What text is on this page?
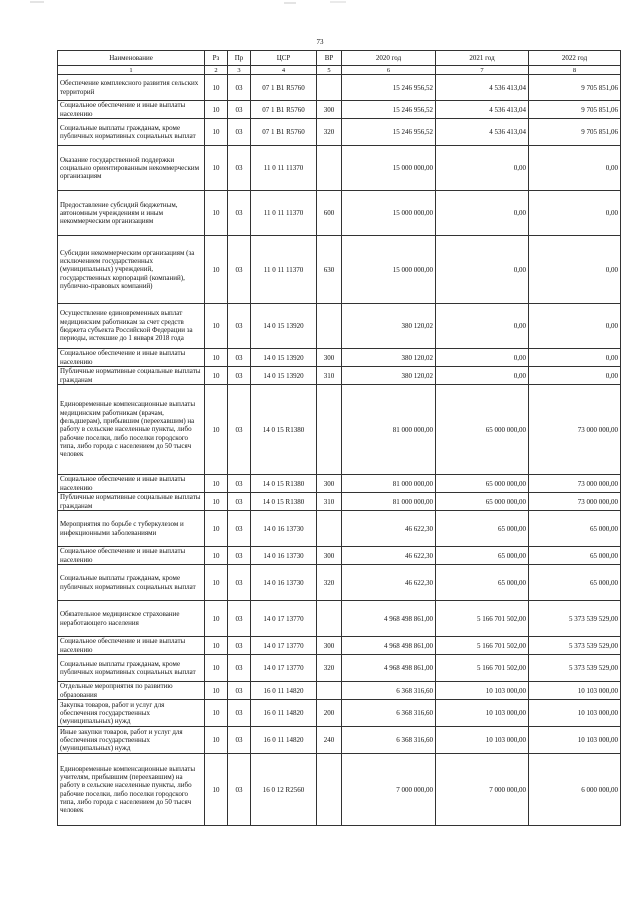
73
Наименование	Рз	Пр	ЦСР	ВР	2020 год	2021 год	2022 год
1	2	3	4	5	6	7	8
Обеспечение комплексного развития сельских территорий	10	03	07 1 В1 R5760		15 246 956,52	4 536 413,04	9 705 851,06
Социальное обеспечение и иные выплаты населению	10	03	07 1 В1 R5760	300	15 246 956,52	4 536 413,04	9 705 851,06
Социальные выплаты гражданам, кроме публичных нормативных социальных выплат	10	03	07 1 В1 R5760	320	15 246 956,52	4 536 413,04	9 705 851,06
Оказание государственной поддержки социально ориентированным некоммерческим организациям	10	03	11 0 11 11370		15 000 000,00	0,00	0,00
Предоставление субсидий бюджетным, автономным учреждениям и иным некоммерческим организациям	10	03	11 0 11 11370	600	15 000 000,00	0,00	0,00
Субсидии некоммерческим организациям (за исключением государственных (муниципальных) учреждений, государственных корпораций (компаний), публично-правовых компаний)	10	03	11 0 11 11370	630	15 000 000,00	0,00	0,00
Осуществление единовременных выплат медицинским работникам за счет средств бюджета субъекта Российской Федерации за периоды, истекшие до 1 января 2018 года	10	03	14 0 15 13920		380 120,02	0,00	0,00
Социальное обеспечение и иные выплаты населению	10	03	14 0 15 13920	300	380 120,02	0,00	0,00
Публичные нормативные социальные выплаты гражданам	10	03	14 0 15 13920	310	380 120,02	0,00	0,00
Единовременные компенсационные выплаты медицинским работникам (врачам, фельдшерам), прибывшим (переехавшим) на работу в сельские населенные пункты, либо рабочие поселки, либо поселки городского типа, либо города с населением до 50 тысяч человек	10	03	14 0 15 R1380		81 000 000,00	65 000 000,00	73 000 000,00
Социальное обеспечение и иные выплаты населению	10	03	14 0 15 R1380	300	81 000 000,00	65 000 000,00	73 000 000,00
Публичные нормативные социальные выплаты гражданам	10	03	14 0 15 R1380	310	81 000 000,00	65 000 000,00	73 000 000,00
Мероприятия по борьбе с туберкулезом и инфекционными заболеваниями	10	03	14 0 16 13730		46 622,30	65 000,00	65 000,00
Социальное обеспечение и иные выплаты населению	10	03	14 0 16 13730	300	46 622,30	65 000,00	65 000,00
Социальные выплаты гражданам, кроме публичных нормативных социальных выплат	10	03	14 0 16 13730	320	46 622,30	65 000,00	65 000,00
Обязательное медицинское страхование неработающего населения	10	03	14 0 17 13770		4 968 498 861,00	5 166 701 502,00	5 373 539 529,00
Социальное обеспечение и иные выплаты населению	10	03	14 0 17 13770	300	4 968 498 861,00	5 166 701 502,00	5 373 539 529,00
Социальные выплаты гражданам, кроме публичных нормативных социальных выплат	10	03	14 0 17 13770	320	4 968 498 861,00	5 166 701 502,00	5 373 539 529,00
Отдельные мероприятия по развитию образования	10	03	16 0 11 14820		6 368 316,60	10 103 000,00	10 103 000,00
Закупка товаров, работ и услуг для обеспечения государственных (муниципальных) нужд	10	03	16 0 11 14820	200	6 368 316,60	10 103 000,00	10 103 000,00
Иные закупки товаров, работ и услуг для обеспечения государственных (муниципальных) нужд	10	03	16 0 11 14820	240	6 368 316,60	10 103 000,00	10 103 000,00
Единовременные компенсационные выплаты учителям, прибывшим (переехавшим) на работу в сельские населенные пункты, либо рабочие поселки, либо поселки городского типа, либо города с населением до 50 тысяч человек	10	03	16 0 12 R2560		7 000 000,00	7 000 000,00	6 000 000,00
